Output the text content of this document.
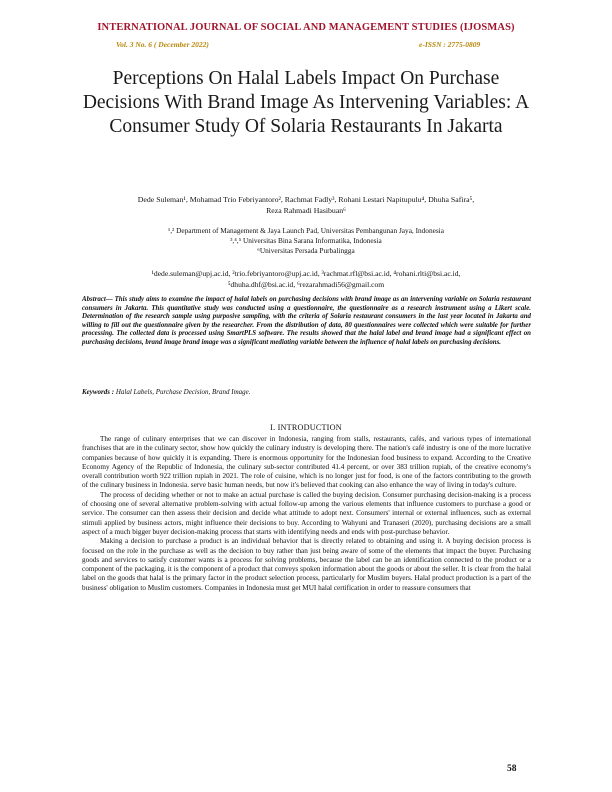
INTERNATIONAL JOURNAL OF SOCIAL AND MANAGEMENT STUDIES (IJOSMAS)
Vol. 3 No. 6 ( December 2022)	e-ISSN : 2775-0809
Perceptions On Halal Labels Impact On Purchase Decisions With Brand Image As Intervening Variables: A Consumer Study Of Solaria Restaurants In Jakarta
Dede Suleman¹, Mohamad Trio Febriyantoro², Rachmat Fadly³, Rohani Lestari Napitupulu⁴, Dhuha Safira⁵,
Reza Rahmadi Hasibuan⁶
¹,² Department of Management & Jaya Launch Pad, Universitas Pembangunan Jaya, Indonesia
³,⁴,⁵ Universitas Bina Sarana Informatika, Indonesia
⁶Universitas Persada Purbalingga
¹dede.suleman@upj.ac.id, ²trio.febriyantoro@upj.ac.id, ³rachmat.rfl@bsi.ac.id, ⁴rohani.rlti@bsi.ac.id,
⁵dhuha.dhf@bsi.ac.id, ⁶rezarahmadi56@gmail.com
Abstract— This study aims to examine the impact of halal labels on purchasing decisions with brand image as an intervening variable on Solaria restaurant consumers in Jakarta. This quantitative study was conducted using a questionnaire, the questionnaire as a research instrument using a Likert scale. Determination of the research sample using purposive sampling, with the criteria of Solaria restaurant consumers in the last year located in Jakarta and willing to fill out the questionnaire given by the researcher. From the distribution of data, 80 questionnaires were collected which were suitable for further processing. The collected data is processed using SmartPLS software. The results showed that the halal label and brand image had a significant effect on purchasing decisions, brand image brand image was a significant mediating variable between the influence of halal labels on purchasing decisions.
Keywords : Halal Labels, Purchase Decision, Brand Image.
I. INTRODUCTION

The range of culinary enterprises that we can discover in Indonesia, ranging from stalls, restaurants, cafés, and various types of international franchises that are in the culinary sector, show how quickly the culinary industry is developing there. The nation's café industry is one of the more lucrative companies because of how quickly it is expanding. There is enormous opportunity for the Indonesian food business to expand. According to the Creative Economy Agency of the Republic of Indonesia, the culinary sub-sector contributed 41.4 percent, or over 383 trillion rupiah, of the creative economy's overall contribution worth 922 trillion rupiah in 2021. The role of cuisine, which is no longer just for food, is one of the factors contributing to the growth of the culinary business in Indonesia. serve basic human needs, but now it's believed that cooking can also enhance the way of living in today's culture.

The process of deciding whether or not to make an actual purchase is called the buying decision. Consumer purchasing decision-making is a process of choosing one of several alternative problem-solving with actual follow-up among the various elements that influence customers to purchase a good or service. The consumer can then assess their decision and decide what attitude to adopt next. Consumers' internal or external influences, such as external stimuli applied by business actors, might influence their decisions to buy. According to Wahyuni and Tranaseri (2020), purchasing decisions are a small aspect of a much bigger buyer decision-making process that starts with identifying needs and ends with post-purchase behavior.

Making a decision to purchase a product is an individual behavior that is directly related to obtaining and using it. A buying decision process is focused on the role in the purchase as well as the decision to buy rather than just being aware of some of the elements that impact the buyer. Purchasing goods and services to satisfy customer wants is a process for solving problems, because the label can be an identification connected to the product or a component of the packaging, it is the component of a product that conveys spoken information about the goods or about the seller. It is clear from the halal label on the goods that halal is the primary factor in the product selection process, particularly for Muslim buyers. Halal product production is a part of the business' obligation to Muslim customers. Companies in Indonesia must get MUI halal certification in order to reassure consumers that

58
